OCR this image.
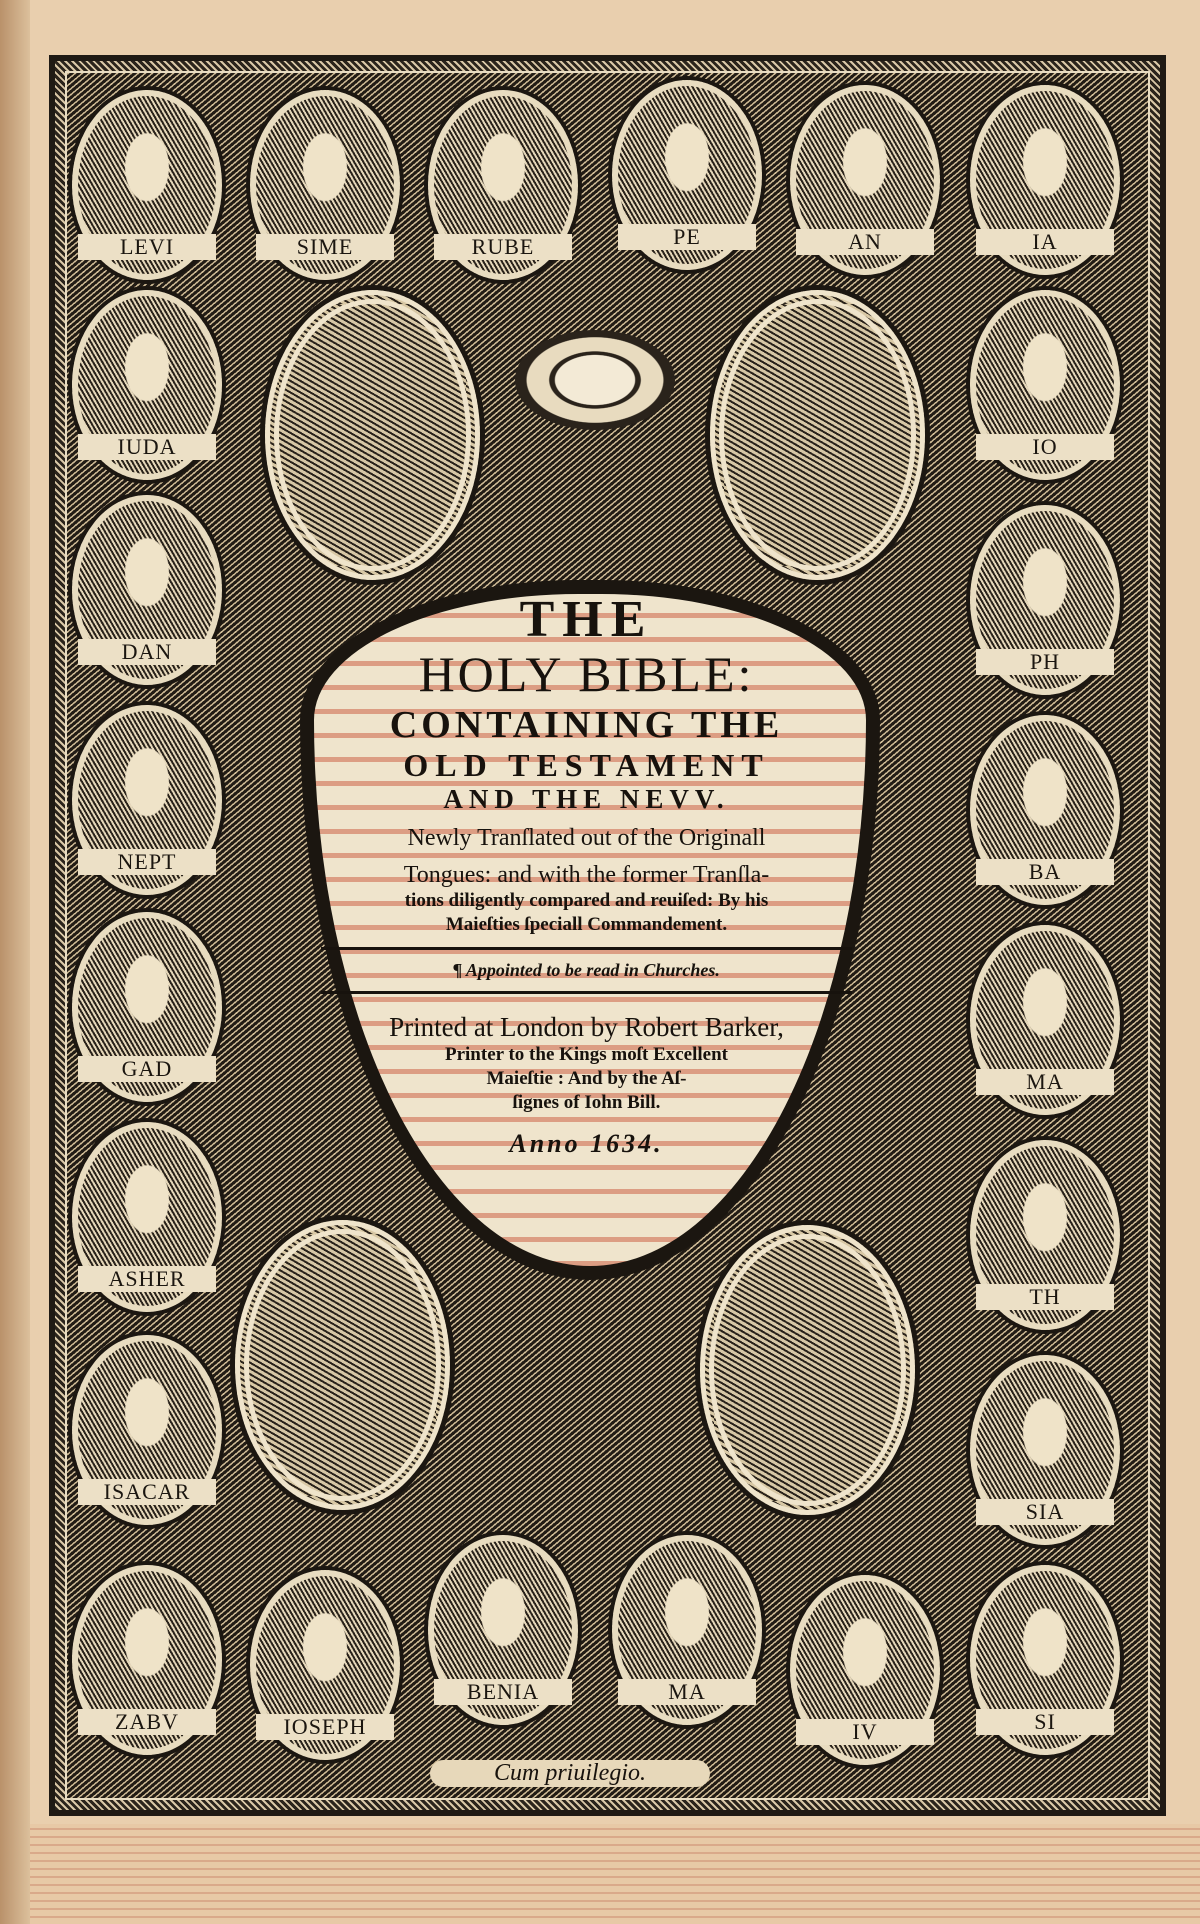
LEVI
IUDA
DAN
NEPT
GAD
ASHER
ISACAR
ZABV
SIME	RUBE	PE	AN	IA
IO
PH
BA
MA
TH
SIA
SI
IOSEPH
BENIA	MA
IV
THE
HOLY BIBLE:
CONTAINING THE
OLD TESTAMENT
AND THE NEVV.
Newly Tranſlated out of the Originall
Tongues: and with the former Tranſla-
tions diligently compared and reuiſed: By his
Maieſties ſpeciall Commandement.
¶ Appointed to be read in Churches.
Printed at London by Robert Barker,
Printer to the Kings moſt Excellent
Maieſtie : And by the Aſ-
ſignes of Iohn Bill.
Anno 1634.
Cum priuilegio.
